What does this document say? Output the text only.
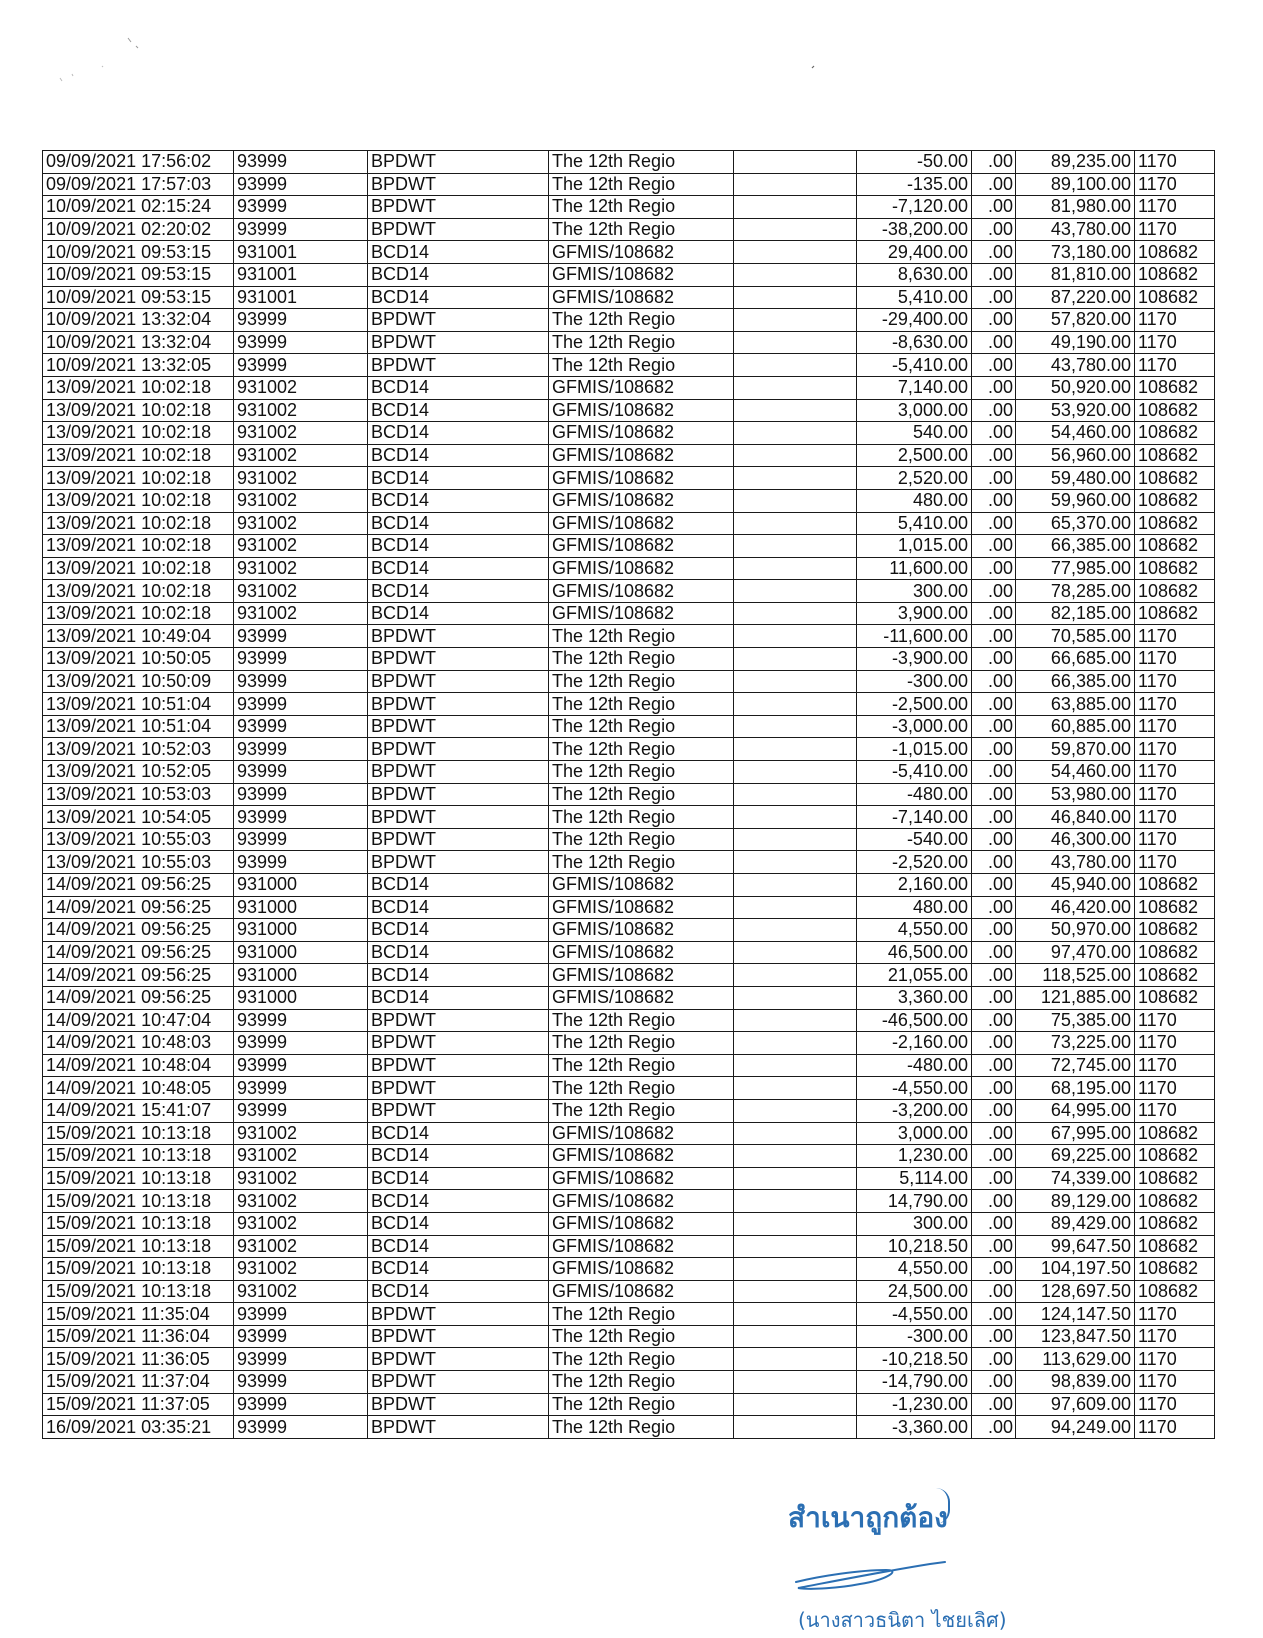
09/09/2021 17:56:02	93999	BPDWT	The 12th Regio		-50.00	.00	89,235.00	1170
09/09/2021 17:57:03	93999	BPDWT	The 12th Regio		-135.00	.00	89,100.00	1170
10/09/2021 02:15:24	93999	BPDWT	The 12th Regio		-7,120.00	.00	81,980.00	1170
10/09/2021 02:20:02	93999	BPDWT	The 12th Regio		-38,200.00	.00	43,780.00	1170
10/09/2021 09:53:15	931001	BCD14	GFMIS/108682		29,400.00	.00	73,180.00	108682
10/09/2021 09:53:15	931001	BCD14	GFMIS/108682		8,630.00	.00	81,810.00	108682
10/09/2021 09:53:15	931001	BCD14	GFMIS/108682		5,410.00	.00	87,220.00	108682
10/09/2021 13:32:04	93999	BPDWT	The 12th Regio		-29,400.00	.00	57,820.00	1170
10/09/2021 13:32:04	93999	BPDWT	The 12th Regio		-8,630.00	.00	49,190.00	1170
10/09/2021 13:32:05	93999	BPDWT	The 12th Regio		-5,410.00	.00	43,780.00	1170
13/09/2021 10:02:18	931002	BCD14	GFMIS/108682		7,140.00	.00	50,920.00	108682
13/09/2021 10:02:18	931002	BCD14	GFMIS/108682		3,000.00	.00	53,920.00	108682
13/09/2021 10:02:18	931002	BCD14	GFMIS/108682		540.00	.00	54,460.00	108682
13/09/2021 10:02:18	931002	BCD14	GFMIS/108682		2,500.00	.00	56,960.00	108682
13/09/2021 10:02:18	931002	BCD14	GFMIS/108682		2,520.00	.00	59,480.00	108682
13/09/2021 10:02:18	931002	BCD14	GFMIS/108682		480.00	.00	59,960.00	108682
13/09/2021 10:02:18	931002	BCD14	GFMIS/108682		5,410.00	.00	65,370.00	108682
13/09/2021 10:02:18	931002	BCD14	GFMIS/108682		1,015.00	.00	66,385.00	108682
13/09/2021 10:02:18	931002	BCD14	GFMIS/108682		11,600.00	.00	77,985.00	108682
13/09/2021 10:02:18	931002	BCD14	GFMIS/108682		300.00	.00	78,285.00	108682
13/09/2021 10:02:18	931002	BCD14	GFMIS/108682		3,900.00	.00	82,185.00	108682
13/09/2021 10:49:04	93999	BPDWT	The 12th Regio		-11,600.00	.00	70,585.00	1170
13/09/2021 10:50:05	93999	BPDWT	The 12th Regio		-3,900.00	.00	66,685.00	1170
13/09/2021 10:50:09	93999	BPDWT	The 12th Regio		-300.00	.00	66,385.00	1170
13/09/2021 10:51:04	93999	BPDWT	The 12th Regio		-2,500.00	.00	63,885.00	1170
13/09/2021 10:51:04	93999	BPDWT	The 12th Regio		-3,000.00	.00	60,885.00	1170
13/09/2021 10:52:03	93999	BPDWT	The 12th Regio		-1,015.00	.00	59,870.00	1170
13/09/2021 10:52:05	93999	BPDWT	The 12th Regio		-5,410.00	.00	54,460.00	1170
13/09/2021 10:53:03	93999	BPDWT	The 12th Regio		-480.00	.00	53,980.00	1170
13/09/2021 10:54:05	93999	BPDWT	The 12th Regio		-7,140.00	.00	46,840.00	1170
13/09/2021 10:55:03	93999	BPDWT	The 12th Regio		-540.00	.00	46,300.00	1170
13/09/2021 10:55:03	93999	BPDWT	The 12th Regio		-2,520.00	.00	43,780.00	1170
14/09/2021 09:56:25	931000	BCD14	GFMIS/108682		2,160.00	.00	45,940.00	108682
14/09/2021 09:56:25	931000	BCD14	GFMIS/108682		480.00	.00	46,420.00	108682
14/09/2021 09:56:25	931000	BCD14	GFMIS/108682		4,550.00	.00	50,970.00	108682
14/09/2021 09:56:25	931000	BCD14	GFMIS/108682		46,500.00	.00	97,470.00	108682
14/09/2021 09:56:25	931000	BCD14	GFMIS/108682		21,055.00	.00	118,525.00	108682
14/09/2021 09:56:25	931000	BCD14	GFMIS/108682		3,360.00	.00	121,885.00	108682
14/09/2021 10:47:04	93999	BPDWT	The 12th Regio		-46,500.00	.00	75,385.00	1170
14/09/2021 10:48:03	93999	BPDWT	The 12th Regio		-2,160.00	.00	73,225.00	1170
14/09/2021 10:48:04	93999	BPDWT	The 12th Regio		-480.00	.00	72,745.00	1170
14/09/2021 10:48:05	93999	BPDWT	The 12th Regio		-4,550.00	.00	68,195.00	1170
14/09/2021 15:41:07	93999	BPDWT	The 12th Regio		-3,200.00	.00	64,995.00	1170
15/09/2021 10:13:18	931002	BCD14	GFMIS/108682		3,000.00	.00	67,995.00	108682
15/09/2021 10:13:18	931002	BCD14	GFMIS/108682		1,230.00	.00	69,225.00	108682
15/09/2021 10:13:18	931002	BCD14	GFMIS/108682		5,114.00	.00	74,339.00	108682
15/09/2021 10:13:18	931002	BCD14	GFMIS/108682		14,790.00	.00	89,129.00	108682
15/09/2021 10:13:18	931002	BCD14	GFMIS/108682		300.00	.00	89,429.00	108682
15/09/2021 10:13:18	931002	BCD14	GFMIS/108682		10,218.50	.00	99,647.50	108682
15/09/2021 10:13:18	931002	BCD14	GFMIS/108682		4,550.00	.00	104,197.50	108682
15/09/2021 10:13:18	931002	BCD14	GFMIS/108682		24,500.00	.00	128,697.50	108682
15/09/2021 11:35:04	93999	BPDWT	The 12th Regio		-4,550.00	.00	124,147.50	1170
15/09/2021 11:36:04	93999	BPDWT	The 12th Regio		-300.00	.00	123,847.50	1170
15/09/2021 11:36:05	93999	BPDWT	The 12th Regio		-10,218.50	.00	113,629.00	1170
15/09/2021 11:37:04	93999	BPDWT	The 12th Regio		-14,790.00	.00	98,839.00	1170
15/09/2021 11:37:05	93999	BPDWT	The 12th Regio		-1,230.00	.00	97,609.00	1170
16/09/2021 03:35:21	93999	BPDWT	The 12th Regio		-3,360.00	.00	94,249.00	1170
สำเนาถูกต้อง
(นางสาวธนิตา ไชยเลิศ)
